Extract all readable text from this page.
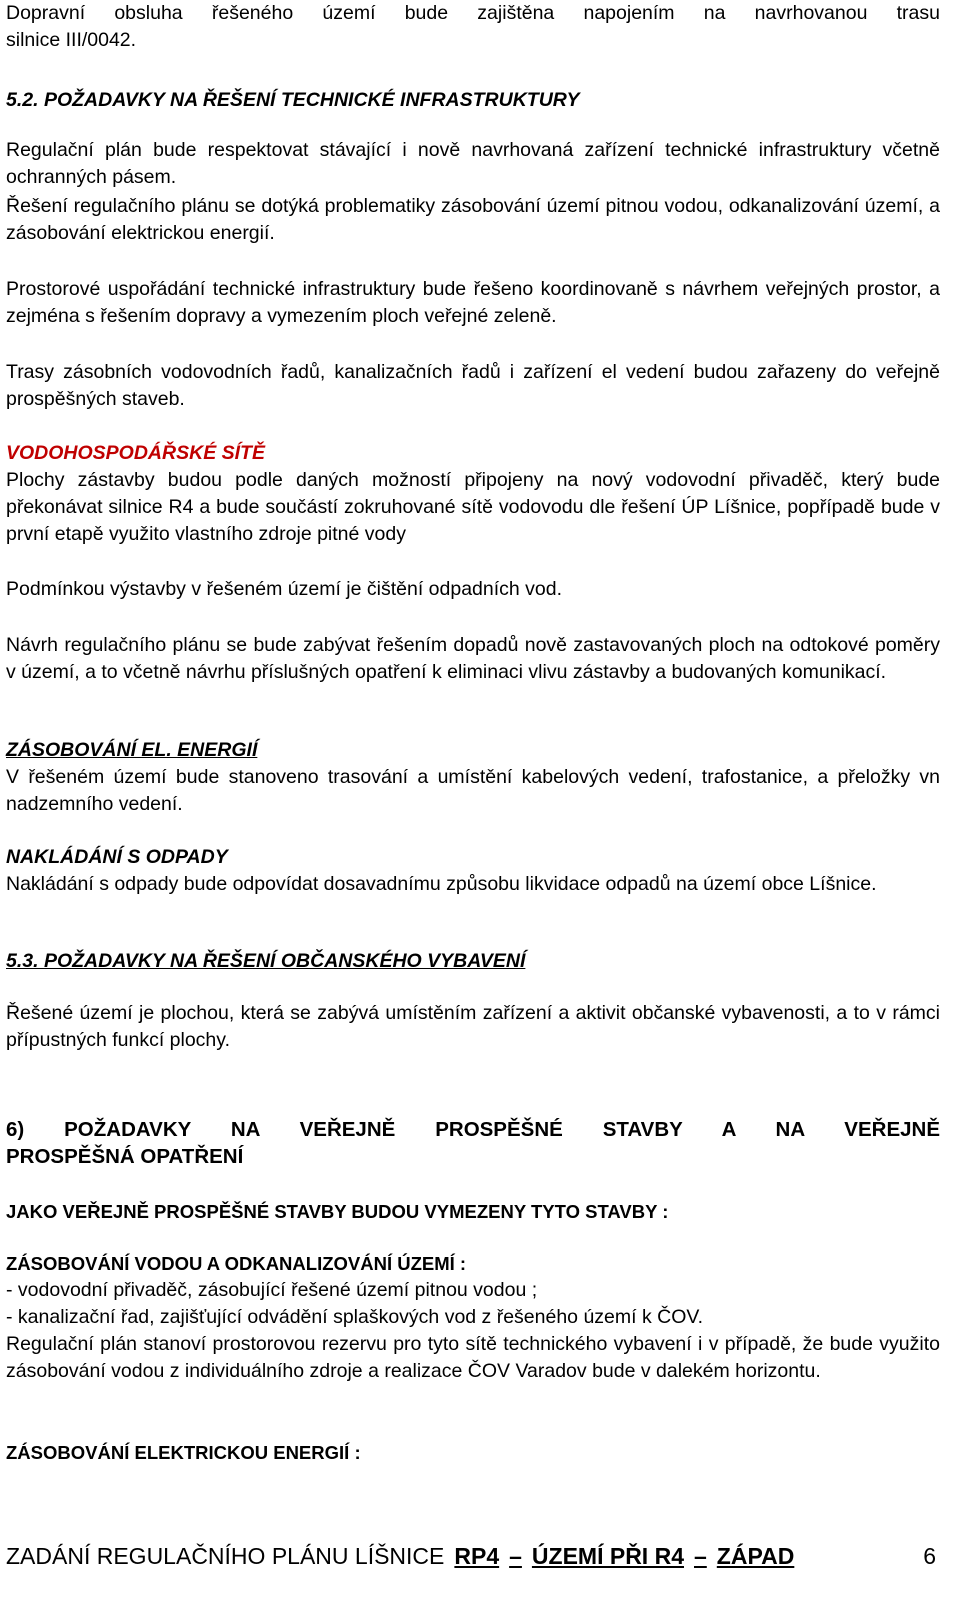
Dopravní obsluha řešeného území bude zajištěna napojením na navrhovanou trasu

silnice III/0042.

5.2. POŽADAVKY NA ŘEŠENÍ TECHNICKÉ INFRASTRUKTURY

Regulační plán bude respektovat stávající i nově navrhovaná zařízení technické infrastruktury včetně ochranných pásem.

Řešení regulačního plánu se dotýká problematiky zásobování území pitnou vodou, odkanalizování území, a zásobování elektrickou energií.

Prostorové uspořádání technické infrastruktury bude řešeno koordinovaně s návrhem veřejných prostor, a zejména s řešením dopravy a vymezením ploch veřejné zeleně.

Trasy zásobních vodovodních řadů, kanalizačních řadů i zařízení el vedení budou zařazeny do veřejně prospěšných staveb.

VODOHOSPODÁŘSKÉ SÍTĚ

Plochy zástavby budou podle daných možností připojeny na nový vodovodní přivaděč, který bude překonávat silnice R4 a bude součástí zokruhované sítě vodovodu dle řešení ÚP Líšnice, popřípadě bude v první etapě využito vlastního zdroje pitné vody

Podmínkou výstavby v řešeném území je čištění odpadních vod.

Návrh regulačního plánu se bude zabývat řešením dopadů nově zastavovaných ploch na odtokové poměry v území, a to včetně návrhu příslušných opatření k eliminaci vlivu zástavby a budovaných komunikací.

ZÁSOBOVÁNÍ EL. ENERGIÍ

V řešeném území bude stanoveno trasování a umístění kabelových vedení, trafostanice, a přeložky vn nadzemního vedení.

NAKLÁDÁNÍ S ODPADY

Nakládání s odpady bude odpovídat dosavadnímu způsobu likvidace odpadů na území obce Líšnice.

5.3. POŽADAVKY NA ŘEŠENÍ OBČANSKÉHO VYBAVENÍ

Řešené území je plochou, která se zabývá umístěním zařízení a aktivit občanské vybavenosti, a to v rámci přípustných funkcí plochy.

6) POŽADAVKY NA VEŘEJNĚ PROSPĚŠNÉ STAVBY A NA VEŘEJNĚ

PROSPĚŠNÁ OPATŘENÍ

JAKO VEŘEJNĚ PROSPĚŠNÉ STAVBY BUDOU VYMEZENY TYTO STAVBY :

ZÁSOBOVÁNÍ VODOU A ODKANALIZOVÁNÍ ÚZEMÍ :

- vodovodní přivaděč, zásobující řešené území pitnou vodou ;

- kanalizační řad, zajišťující odvádění splaškových vod z řešeného území k ČOV.

Regulační plán stanoví prostorovou rezervu pro tyto sítě technického vybavení i v případě, že bude využito zásobování vodou z individuálního zdroje a realizace ČOV Varadov bude v dalekém horizontu.

ZÁSOBOVÁNÍ ELEKTRICKOU ENERGIÍ :

ZADÁNÍ REGULAČNÍHO PLÁNU LÍŠNICE RP4 – ÚZEMÍ PŘI R4 – ZÁPAD	6
